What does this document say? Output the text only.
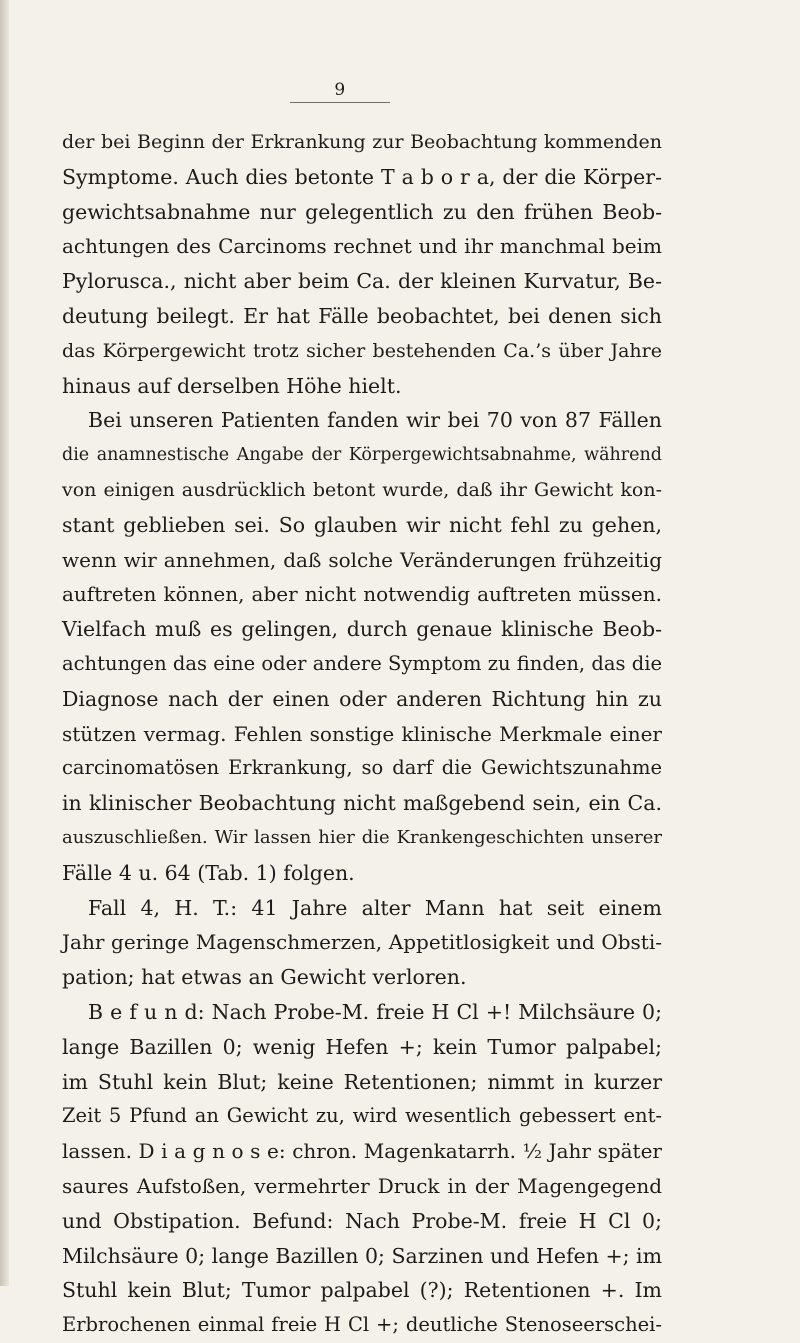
9
der bei Beginn der Erkrankung zur Beobachtung kommenden
Symptome. Auch dies betonte T a b o r a, der die Körper-
gewichtsabnahme nur gelegentlich zu den frühen Beob-
achtungen des Carcinoms rechnet und ihr manchmal beim
Pylorusca., nicht aber beim Ca. der kleinen Kurvatur, Be-
deutung beilegt. Er hat Fälle beobachtet, bei denen sich
das Körpergewicht trotz sicher bestehenden Ca.’s über Jahre
hinaus auf derselben Höhe hielt.
Bei unseren Patienten fanden wir bei 70 von 87 Fällen
die anamnestische Angabe der Körpergewichtsabnahme, während
von einigen ausdrücklich betont wurde, daß ihr Gewicht kon-
stant geblieben sei. So glauben wir nicht fehl zu gehen,
wenn wir annehmen, daß solche Veränderungen frühzeitig
auftreten können, aber nicht notwendig auftreten müssen.
Vielfach muß es gelingen, durch genaue klinische Beob-
achtungen das eine oder andere Symptom zu finden, das die
Diagnose nach der einen oder anderen Richtung hin zu
stützen vermag. Fehlen sonstige klinische Merkmale einer
carcinomatösen Erkrankung, so darf die Gewichtszunahme
in klinischer Beobachtung nicht maßgebend sein, ein Ca.
auszuschließen. Wir lassen hier die Krankengeschichten unserer
Fälle 4 u. 64 (Tab. 1) folgen.
Fall 4, H. T.: 41 Jahre alter Mann hat seit einem
Jahr geringe Magenschmerzen, Appetitlosigkeit und Obsti-
pation; hat etwas an Gewicht verloren.
B e f u n d: Nach Probe-M. freie H Cl +! Milchsäure 0;
lange Bazillen 0; wenig Hefen +; kein Tumor palpabel;
im Stuhl kein Blut; keine Retentionen; nimmt in kurzer
Zeit 5 Pfund an Gewicht zu, wird wesentlich gebessert ent-
lassen. D i a g n o s e: chron. Magenkatarrh. ½ Jahr später
saures Aufstoßen, vermehrter Druck in der Magengegend
und Obstipation. Befund: Nach Probe-M. freie H Cl 0;
Milchsäure 0; lange Bazillen 0; Sarzinen und Hefen +; im
Stuhl kein Blut; Tumor palpabel (?); Retentionen +. Im
Erbrochenen einmal freie H Cl +; deutliche Stenoseerschei-
